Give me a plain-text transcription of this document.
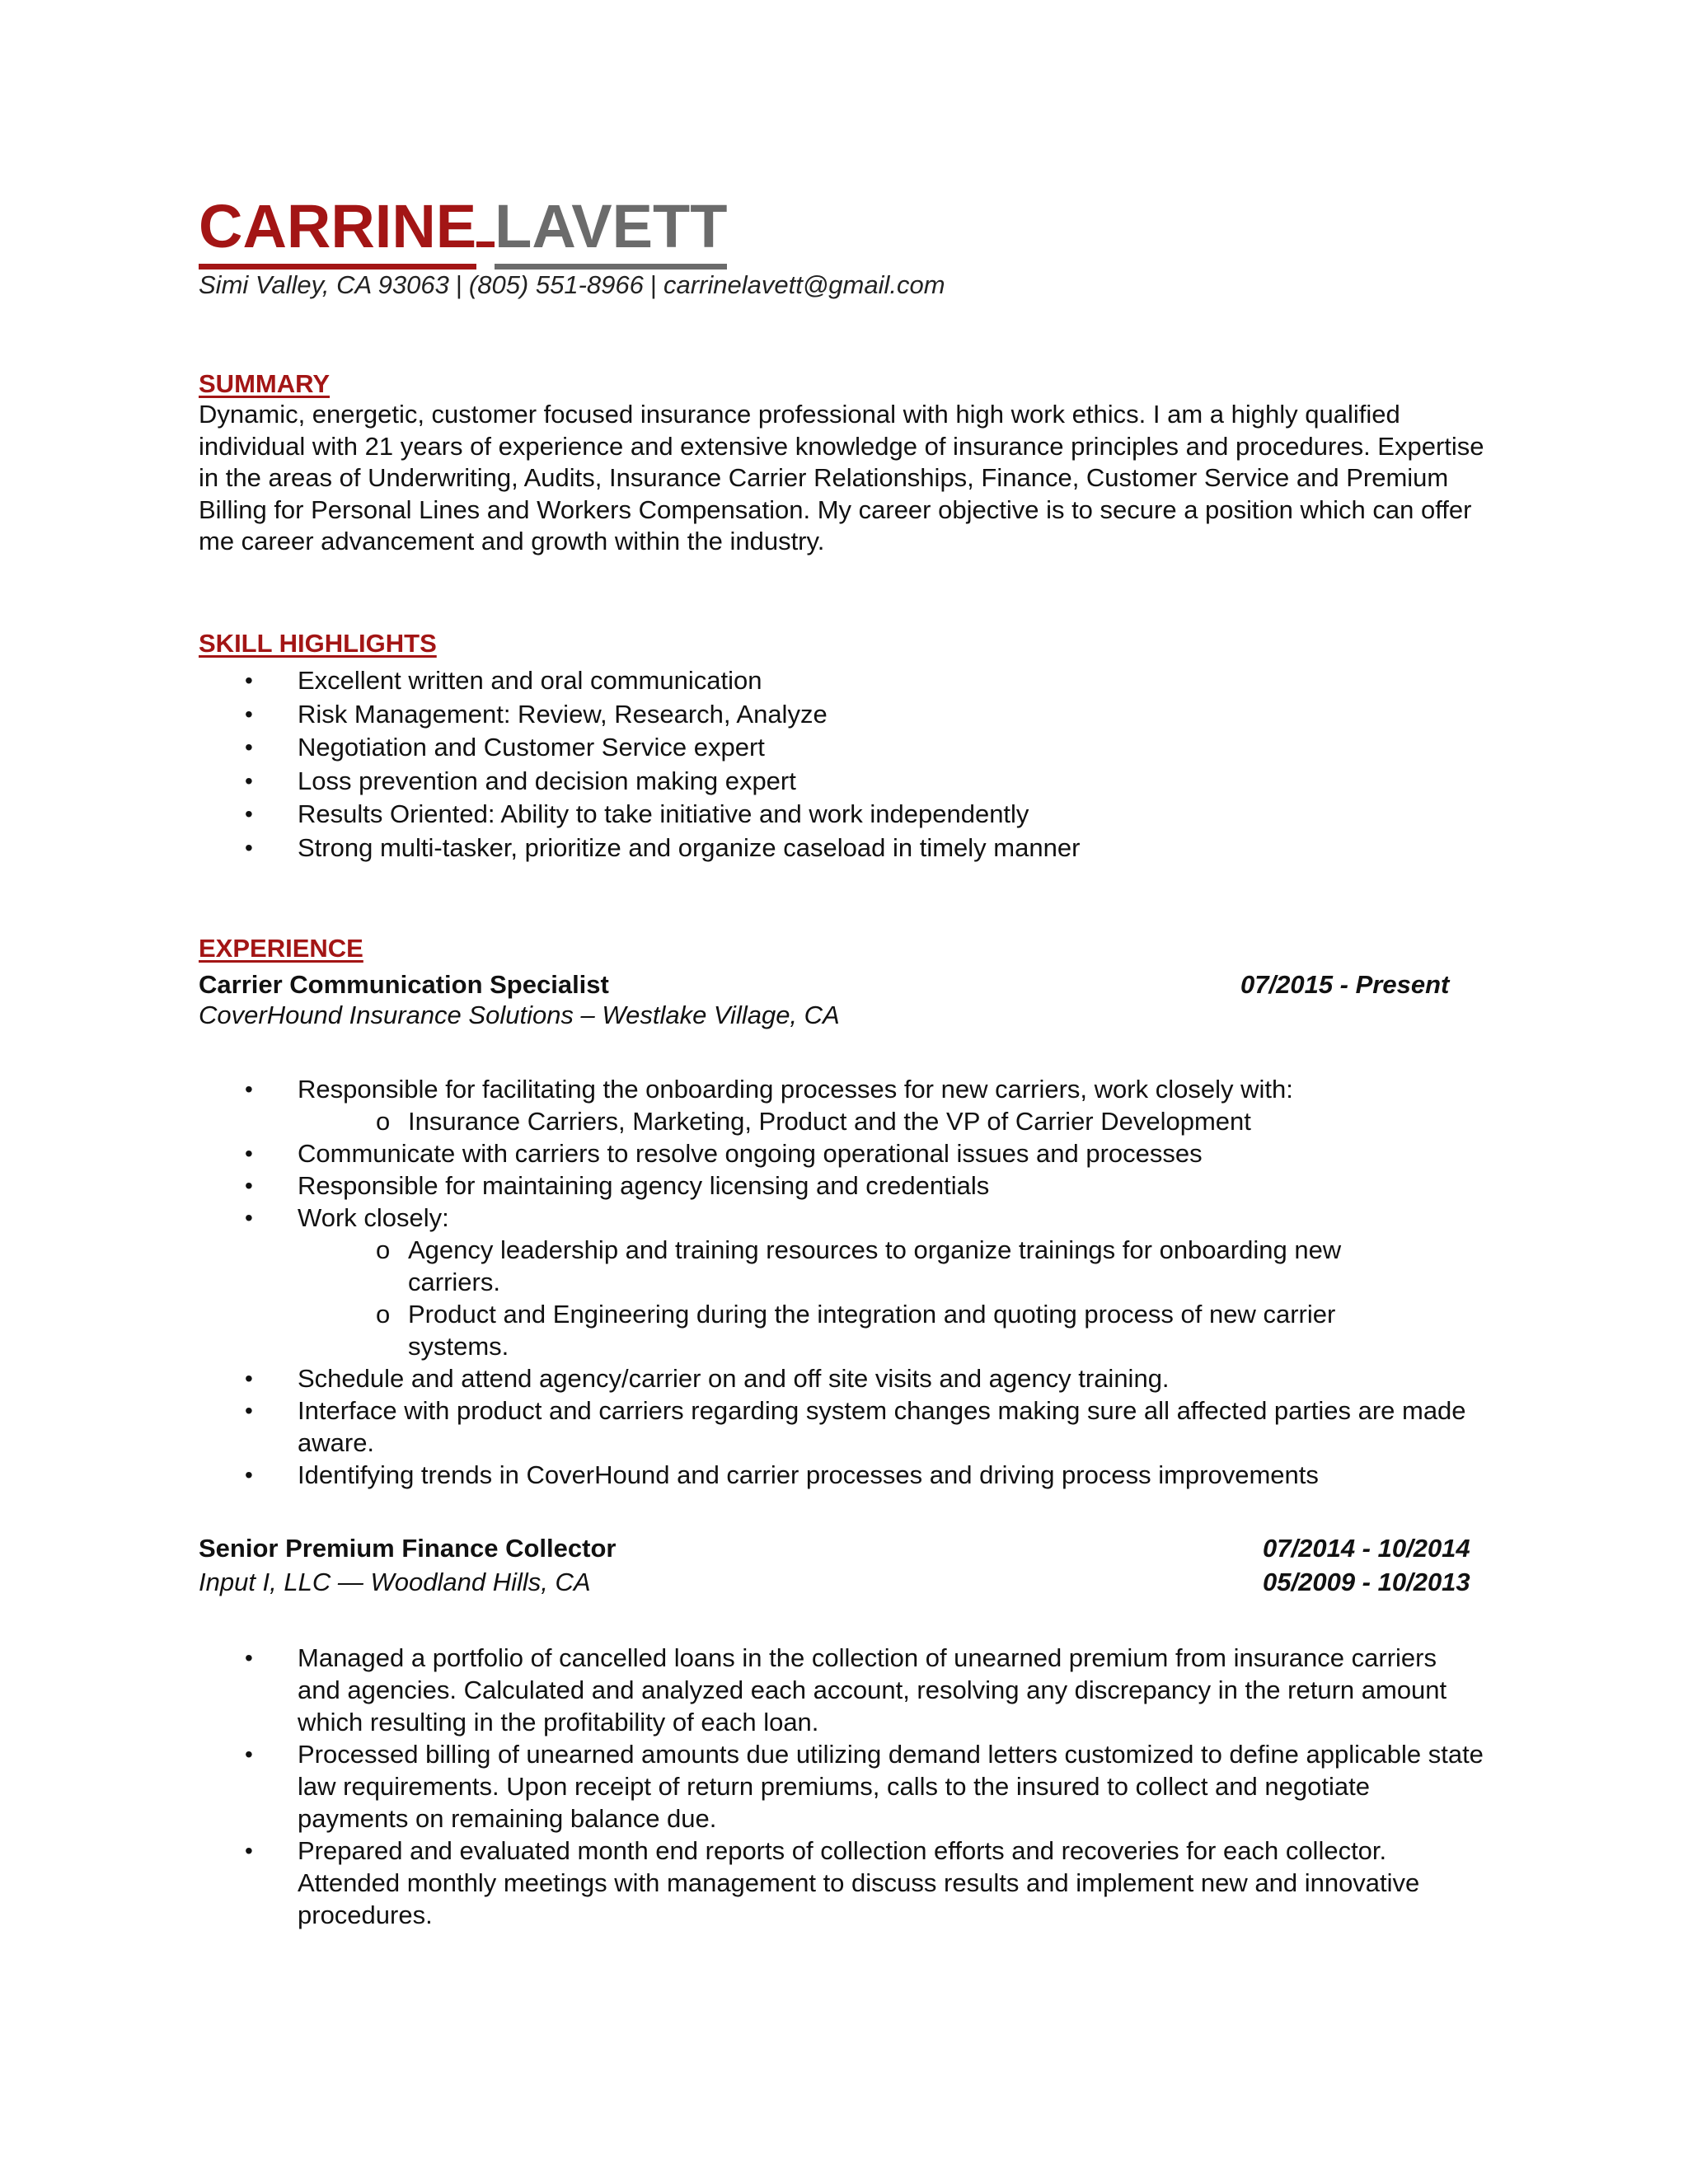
CARRINE LAVETT
Simi Valley, CA 93063 | (805) 551-8966 | carrinelavett@gmail.com
SUMMARY

Dynamic, energetic, customer focused insurance professional with high work ethics. I am a highly qualified individual with 21 years of experience and extensive knowledge of insurance principles and procedures. Expertise in the areas of Underwriting, Audits, Insurance Carrier Relationships, Finance, Customer Service and Premium Billing for Personal Lines and Workers Compensation. My career objective is to secure a position which can offer me career advancement and growth within the industry.

SKILL HIGHLIGHTS
• Excellent written and oral communication
• Risk Management: Review, Research, Analyze
• Negotiation and Customer Service expert
• Loss prevention and decision making expert
• Results Oriented: Ability to take initiative and work independently
• Strong multi-tasker, prioritize and organize caseload in timely manner
EXPERIENCE
Carrier Communication Specialist	07/2015 - Present
CoverHound Insurance Solutions – Westlake Village, CA
• Responsible for facilitating the onboarding processes for new carriers, work closely with:
o Insurance Carriers, Marketing, Product and the VP of Carrier Development
• Communicate with carriers to resolve ongoing operational issues and processes
• Responsible for maintaining agency licensing and credentials
• Work closely:
o Agency leadership and training resources to organize trainings for onboarding new carriers.
o Product and Engineering during the integration and quoting process of new carrier systems.
• Schedule and attend agency/carrier on and off site visits and agency training.
• Interface with product and carriers regarding system changes making sure all affected parties are made aware.
• Identifying trends in CoverHound and carrier processes and driving process improvements
Senior Premium Finance Collector	07/2014 - 10/2014
Input I, LLC — Woodland Hills, CA	05/2009 - 10/2013
• Managed a portfolio of cancelled loans in the collection of unearned premium from insurance carriers and agencies. Calculated and analyzed each account, resolving any discrepancy in the return amount which resulting in the profitability of each loan.
• Processed billing of unearned amounts due utilizing demand letters customized to define applicable state law requirements. Upon receipt of return premiums, calls to the insured to collect and negotiate payments on remaining balance due.
• Prepared and evaluated month end reports of collection efforts and recoveries for each collector. Attended monthly meetings with management to discuss results and implement new and innovative procedures.
